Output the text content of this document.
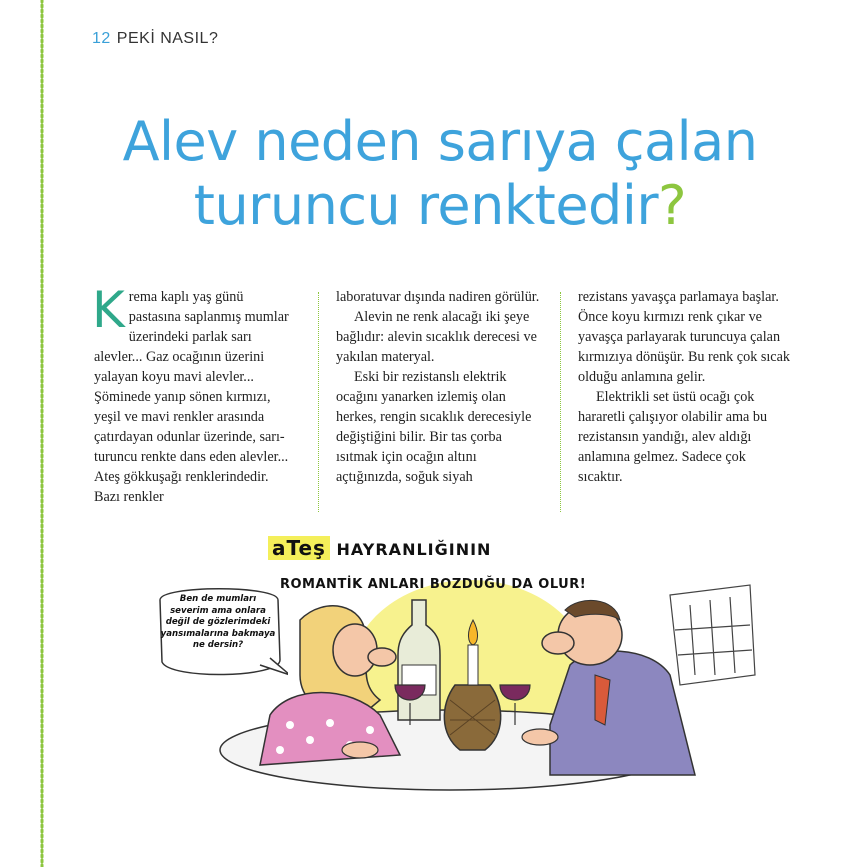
12 PEKİ NASIL?
Alev neden sarıya çalan
turuncu renktedir?
K rema kaplı yaş günü pastasına saplanmış mumlar üzerindeki parlak sarı alevler... Gaz ocağının üzerini yalayan koyu mavi alevler... Şöminede yanıp sönen kırmızı, yeşil ve mavi renkler arasında çatırdayan odunlar üzerinde, sarı-turuncu renkte dans eden alevler... Ateş gökkuşağı renklerindedir. Bazı renkler

laboratuvar dışında nadiren görülür.

Alevin ne renk alacağı iki şeye bağlıdır: alevin sıcaklık derecesi ve yakılan materyal.

Eski bir rezistanslı elektrik ocağını yanarken izlemiş olan herkes, rengin sıcaklık derecesiyle değiştiğini bilir. Bir tas çorba ısıtmak için ocağın altını açtığınızda, soğuk siyah

rezistans yavaşça parlamaya başlar. Önce koyu kırmızı renk çıkar ve yavaşça parlayarak turuncuya çalan kırmızıya dönüşür. Bu renk çok sıcak olduğu anlamına gelir.

Elektrikli set üstü ocağı çok hararetli çalışıyor olabilir ama bu rezistansın yandığı, alev aldığı anlamına gelmez. Sadece çok sıcaktır.

Ben de mumları severim ama onlara değil de gözlerimdeki yansımalarına bakmaya ne dersin?
aTeş HAYRANLIĞININ
ROMANTİK ANLARI BOZDUĞU DA OLUR!
